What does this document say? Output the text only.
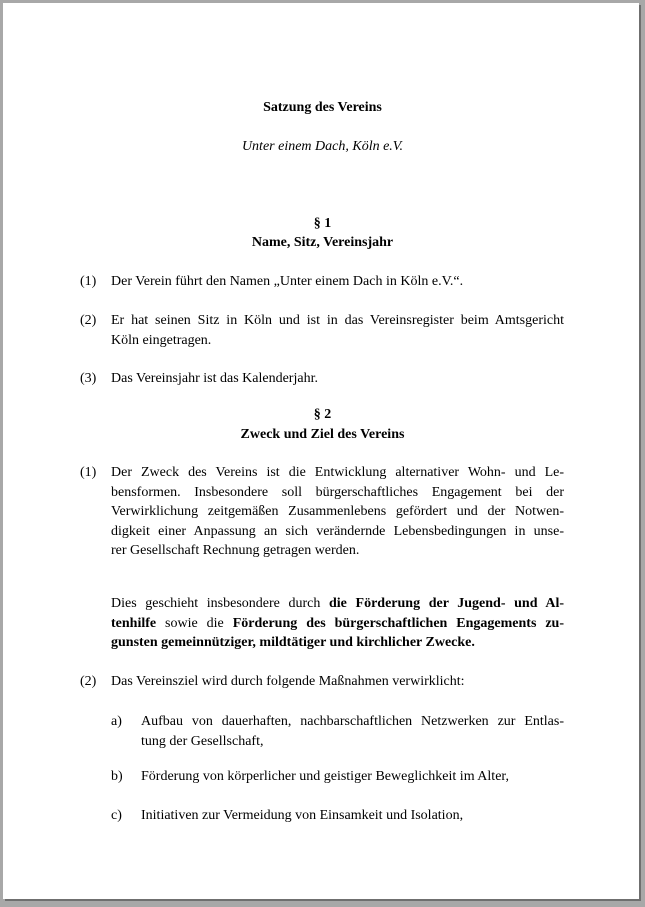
Satzung des Vereins
Unter einem Dach, Köln e.V.
§ 1
Name, Sitz, Vereinsjahr
(1) Der Verein führt den Namen „Unter einem Dach in Köln e.V.“.
(2) Er hat seinen Sitz in Köln und ist in das Vereinsregister beim Amtsgericht
Köln eingetragen.
(3) Das Vereinsjahr ist das Kalenderjahr.
§ 2
Zweck und Ziel des Vereins
(1) Der Zweck des Vereins ist die Entwicklung alternativer Wohn- und Le-
bensformen. Insbesondere soll bürgerschaftliches Engagement bei der
Verwirklichung zeitgemäßen Zusammenlebens gefördert und der Notwen-
digkeit einer Anpassung an sich verändernde Lebensbedingungen in unse-
rer Gesellschaft Rechnung getragen werden.
Dies geschieht insbesondere durch die Förderung der Jugend- und Al-
tenhilfe sowie die Förderung des bürgerschaftlichen Engagements zu-
gunsten gemeinnütziger, mildtätiger und kirchlicher Zwecke.
(2) Das Vereinsziel wird durch folgende Maßnahmen verwirklicht:
a) Aufbau von dauerhaften, nachbarschaftlichen Netzwerken zur Entlas-
tung der Gesellschaft,
b) Förderung von körperlicher und geistiger Beweglichkeit im Alter,
c) Initiativen zur Vermeidung von Einsamkeit und Isolation,
